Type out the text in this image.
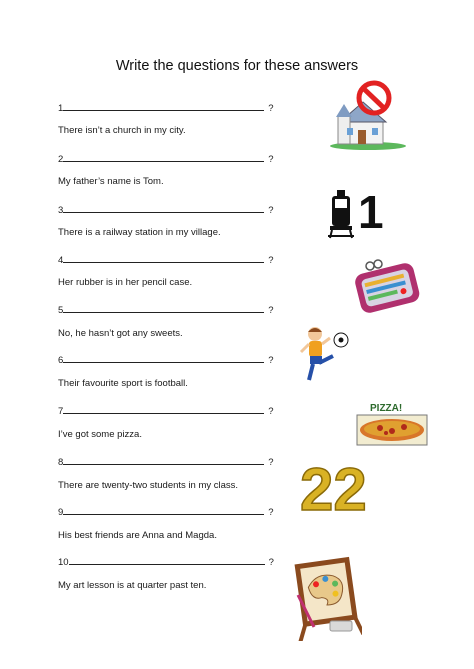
Write the questions for these answers
1	?
There isn’t a church in my city.
2	?
My father’s name is Tom.
3	?
There is a railway station in my village.
4	?
Her rubber is in her pencil case.
5	?
No, he hasn’t got any sweets.
6	?
Their favourite sport is football.
7	?
I’ve got some pizza.
8	?
There are twenty-two students in my class.
9	?
His best friends are Anna and Magda.
10	?
My art lesson is at quarter past ten.
1
PIZZA!
22
